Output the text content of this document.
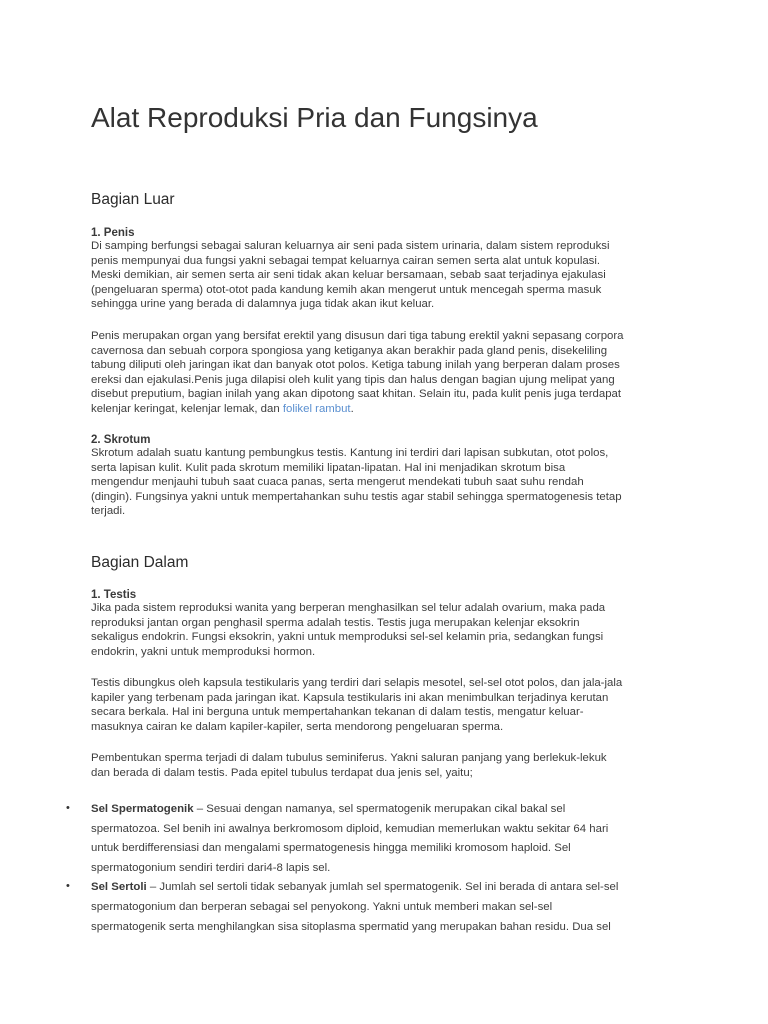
Alat Reproduksi Pria dan Fungsinya
Bagian Luar
1. Penis
Di samping berfungsi sebagai saluran keluarnya air seni pada sistem urinaria, dalam sistem reproduksi
penis mempunyai dua fungsi yakni sebagai tempat keluarnya cairan semen serta alat untuk kopulasi.
Meski demikian, air semen serta air seni tidak akan keluar bersamaan, sebab saat terjadinya ejakulasi
(pengeluaran sperma) otot-otot pada kandung kemih akan mengerut untuk mencegah sperma masuk
sehingga urine yang berada di dalamnya juga tidak akan ikut keluar.
Penis merupakan organ yang bersifat erektil yang disusun dari tiga tabung erektil yakni sepasang corpora
cavernosa dan sebuah corpora spongiosa yang ketiganya akan berakhir pada gland penis, disekeliling
tabung diliputi oleh jaringan ikat dan banyak otot polos. Ketiga tabung inilah yang berperan dalam proses
ereksi dan ejakulasi.Penis juga dilapisi oleh kulit yang tipis dan halus dengan bagian ujung melipat yang
disebut preputium, bagian inilah yang akan dipotong saat khitan. Selain itu, pada kulit penis juga terdapat
kelenjar keringat, kelenjar lemak, dan folikel rambut.
2. Skrotum
Skrotum adalah suatu kantung pembungkus testis. Kantung ini terdiri dari lapisan subkutan, otot polos,
serta lapisan kulit. Kulit pada skrotum memiliki lipatan-lipatan. Hal ini menjadikan skrotum bisa
mengendur menjauhi tubuh saat cuaca panas, serta mengerut mendekati tubuh saat suhu rendah
(dingin). Fungsinya yakni untuk mempertahankan suhu testis agar stabil sehingga spermatogenesis tetap
terjadi.
Bagian Dalam
1. Testis
Jika pada sistem reproduksi wanita yang berperan menghasilkan sel telur adalah ovarium, maka pada
reproduksi jantan organ penghasil sperma adalah testis. Testis juga merupakan kelenjar eksokrin
sekaligus endokrin. Fungsi eksokrin, yakni untuk memproduksi sel-sel kelamin pria, sedangkan fungsi
endokrin, yakni untuk memproduksi hormon.
Testis dibungkus oleh kapsula testikularis yang terdiri dari selapis mesotel, sel-sel otot polos, dan jala-jala
kapiler yang terbenam pada jaringan ikat. Kapsula testikularis ini akan menimbulkan terjadinya kerutan
secara berkala. Hal ini berguna untuk mempertahankan tekanan di dalam testis, mengatur keluar-
masuknya cairan ke dalam kapiler-kapiler, serta mendorong pengeluaran sperma.
Pembentukan sperma terjadi di dalam tubulus seminiferus. Yakni saluran panjang yang berlekuk-lekuk
dan berada di dalam testis. Pada epitel tubulus terdapat dua jenis sel, yaitu;
• Sel Spermatogenik – Sesuai dengan namanya, sel spermatogenik merupakan cikal bakal sel
spermatozoa. Sel benih ini awalnya berkromosom diploid, kemudian memerlukan waktu sekitar 64 hari
untuk berdifferensiasi dan mengalami spermatogenesis hingga memiliki kromosom haploid. Sel
spermatogonium sendiri terdiri dari4-8 lapis sel.
• Sel Sertoli – Jumlah sel sertoli tidak sebanyak jumlah sel spermatogenik. Sel ini berada di antara sel-sel
spermatogonium dan berperan sebagai sel penyokong. Yakni untuk memberi makan sel-sel
spermatogenik serta menghilangkan sisa sitoplasma spermatid yang merupakan bahan residu. Dua sel
